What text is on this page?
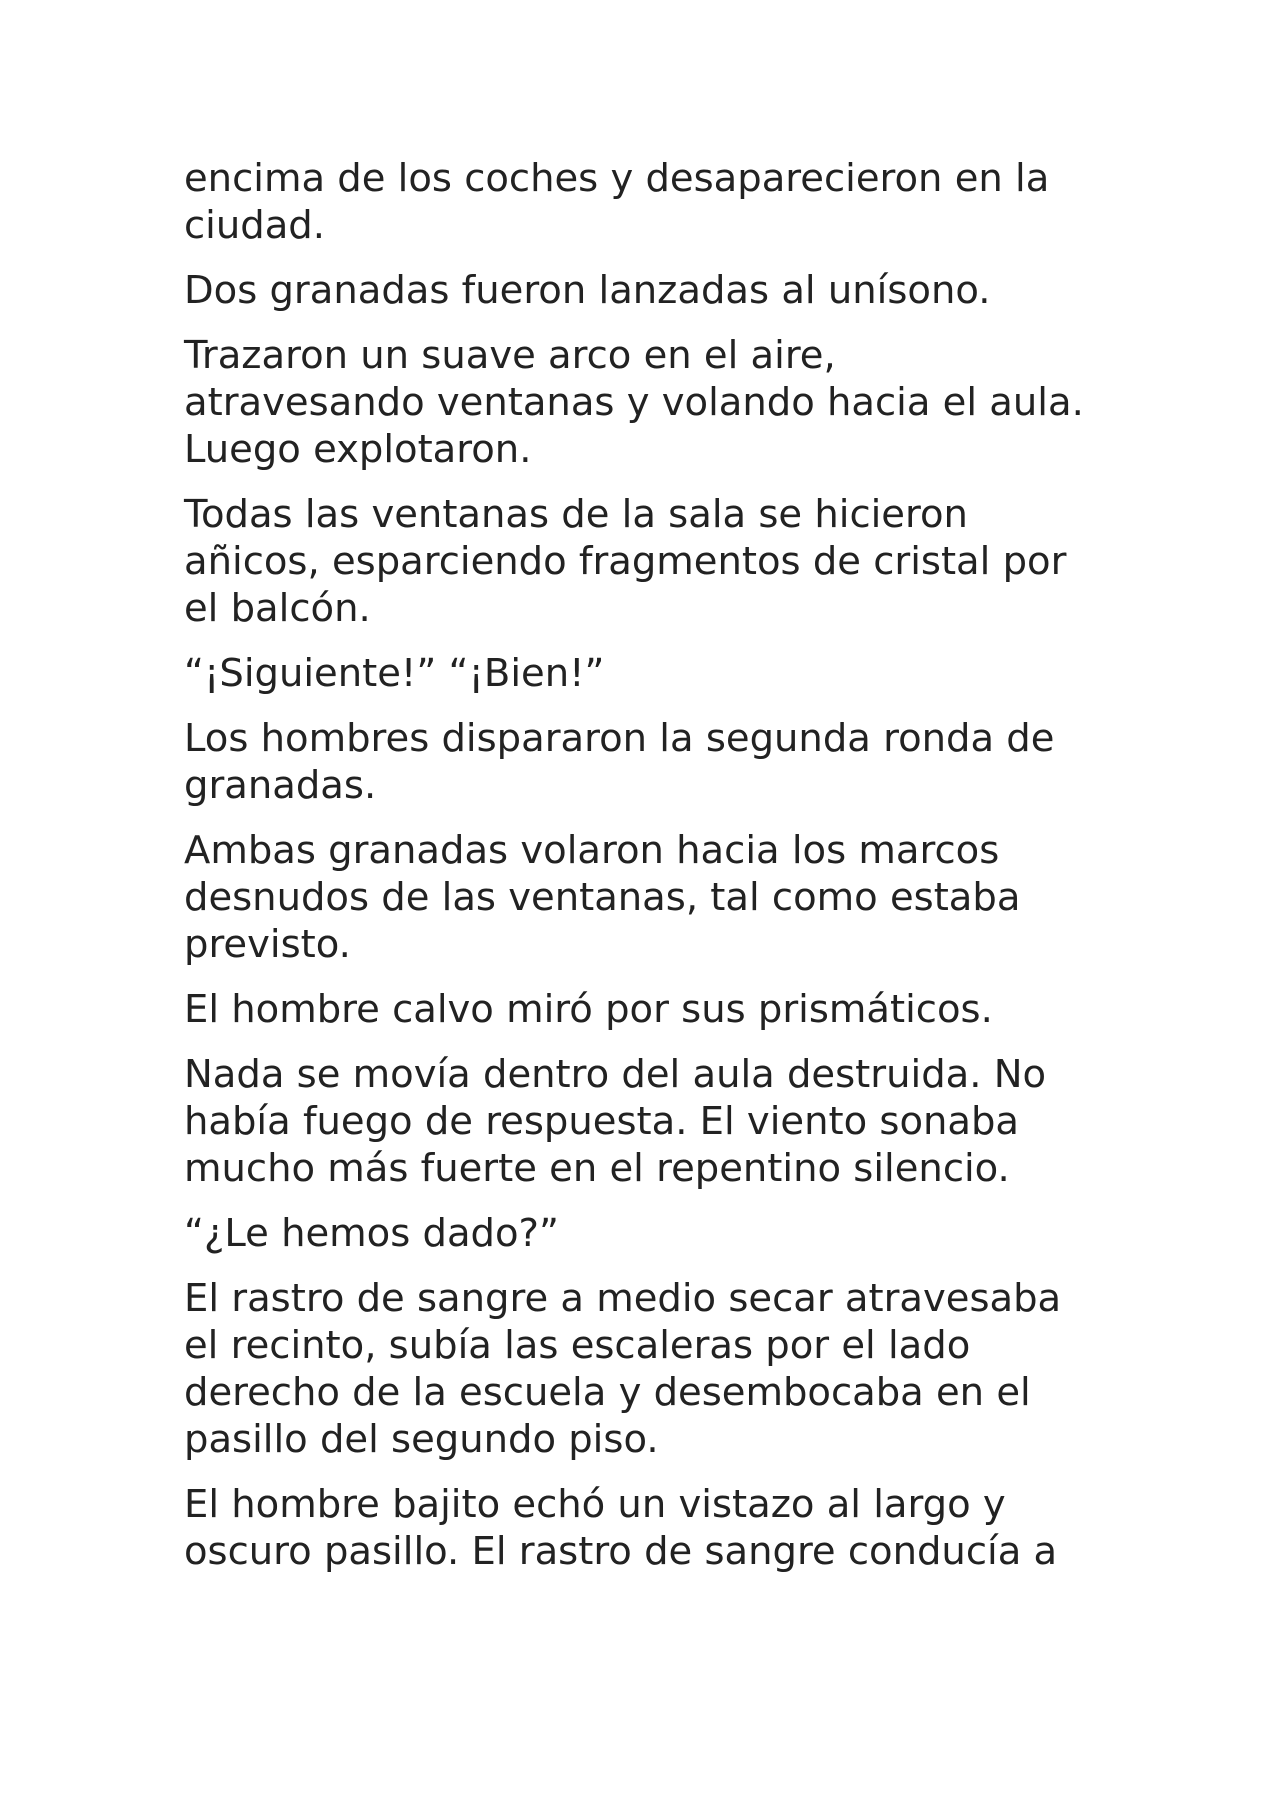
encima de los coches y desaparecieron en la
ciudad.

Dos granadas fueron lanzadas al unísono.

Trazaron un suave arco en el aire,
atravesando ventanas y volando hacia el aula.
Luego explotaron.

Todas las ventanas de la sala se hicieron
añicos, esparciendo fragmentos de cristal por
el balcón.

“¡Siguiente!” “¡Bien!”

Los hombres dispararon la segunda ronda de
granadas.

Ambas granadas volaron hacia los marcos
desnudos de las ventanas, tal como estaba
previsto.

El hombre calvo miró por sus prismáticos.

Nada se movía dentro del aula destruida. No
había fuego de respuesta. El viento sonaba
mucho más fuerte en el repentino silencio.

“¿Le hemos dado?”

El rastro de sangre a medio secar atravesaba
el recinto, subía las escaleras por el lado
derecho de la escuela y desembocaba en el
pasillo del segundo piso.

El hombre bajito echó un vistazo al largo y
oscuro pasillo. El rastro de sangre conducía a
